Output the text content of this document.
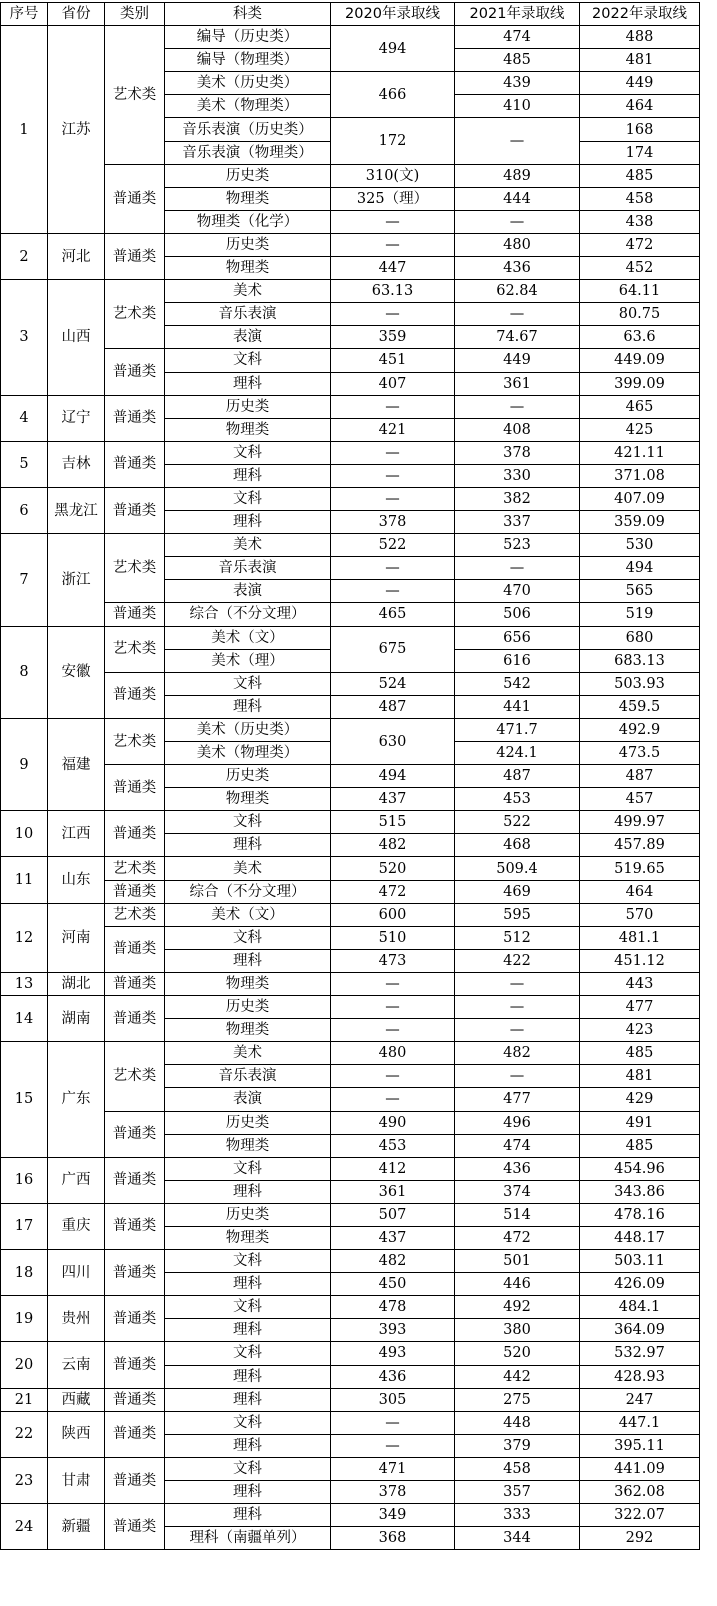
序号	省份	类别	科类	2020年录取线	2021年录取线	2022年录取线
1	江苏	艺术类	编导（历史类）	494	474	488
			编导（物理类）		485	481
			美术（历史类）	466	439	449
			美术（物理类）		410	464
			音乐表演（历史类）	172	—	168
			音乐表演（物理类）			174
		普通类	历史类	310(文)	489	485
			物理类	325（理）	444	458
			物理类（化学）	—	—	438
2	河北	普通类	历史类	—	480	472
			物理类	447	436	452
3	山西	艺术类	美术	63.13	62.84	64.11
			音乐表演	—	—	80.75
			表演	359	74.67	63.6
		普通类	文科	451	449	449.09
			理科	407	361	399.09
4	辽宁	普通类	历史类	—	—	465
			物理类	421	408	425
5	吉林	普通类	文科	—	378	421.11
			理科	—	330	371.08
6	黑龙江	普通类	文科	—	382	407.09
			理科	378	337	359.09
7	浙江	艺术类	美术	522	523	530
			音乐表演	—	—	494
			表演	—	470	565
		普通类	综合（不分文理）	465	506	519
8	安徽	艺术类	美术（文）	675	656	680
			美术（理）		616	683.13
		普通类	文科	524	542	503.93
			理科	487	441	459.5
9	福建	艺术类	美术（历史类）	630	471.7	492.9
			美术（物理类）		424.1	473.5
		普通类	历史类	494	487	487
			物理类	437	453	457
10	江西	普通类	文科	515	522	499.97
			理科	482	468	457.89
11	山东	艺术类	美术	520	509.4	519.65
		普通类	综合（不分文理）	472	469	464
12	河南	艺术类	美术（文）	600	595	570
		普通类	文科	510	512	481.1
			理科	473	422	451.12
13	湖北	普通类	物理类	—	—	443
14	湖南	普通类	历史类	—	—	477
			物理类	—	—	423
15	广东	艺术类	美术	480	482	485
			音乐表演	—	—	481
			表演	—	477	429
		普通类	历史类	490	496	491
			物理类	453	474	485
16	广西	普通类	文科	412	436	454.96
			理科	361	374	343.86
17	重庆	普通类	历史类	507	514	478.16
			物理类	437	472	448.17
18	四川	普通类	文科	482	501	503.11
			理科	450	446	426.09
19	贵州	普通类	文科	478	492	484.1
			理科	393	380	364.09
20	云南	普通类	文科	493	520	532.97
			理科	436	442	428.93
21	西藏	普通类	理科	305	275	247
22	陕西	普通类	文科	—	448	447.1
			理科	—	379	395.11
23	甘肃	普通类	文科	471	458	441.09
			理科	378	357	362.08
24	新疆	普通类	理科	349	333	322.07
			理科（南疆单列）	368	344	292
